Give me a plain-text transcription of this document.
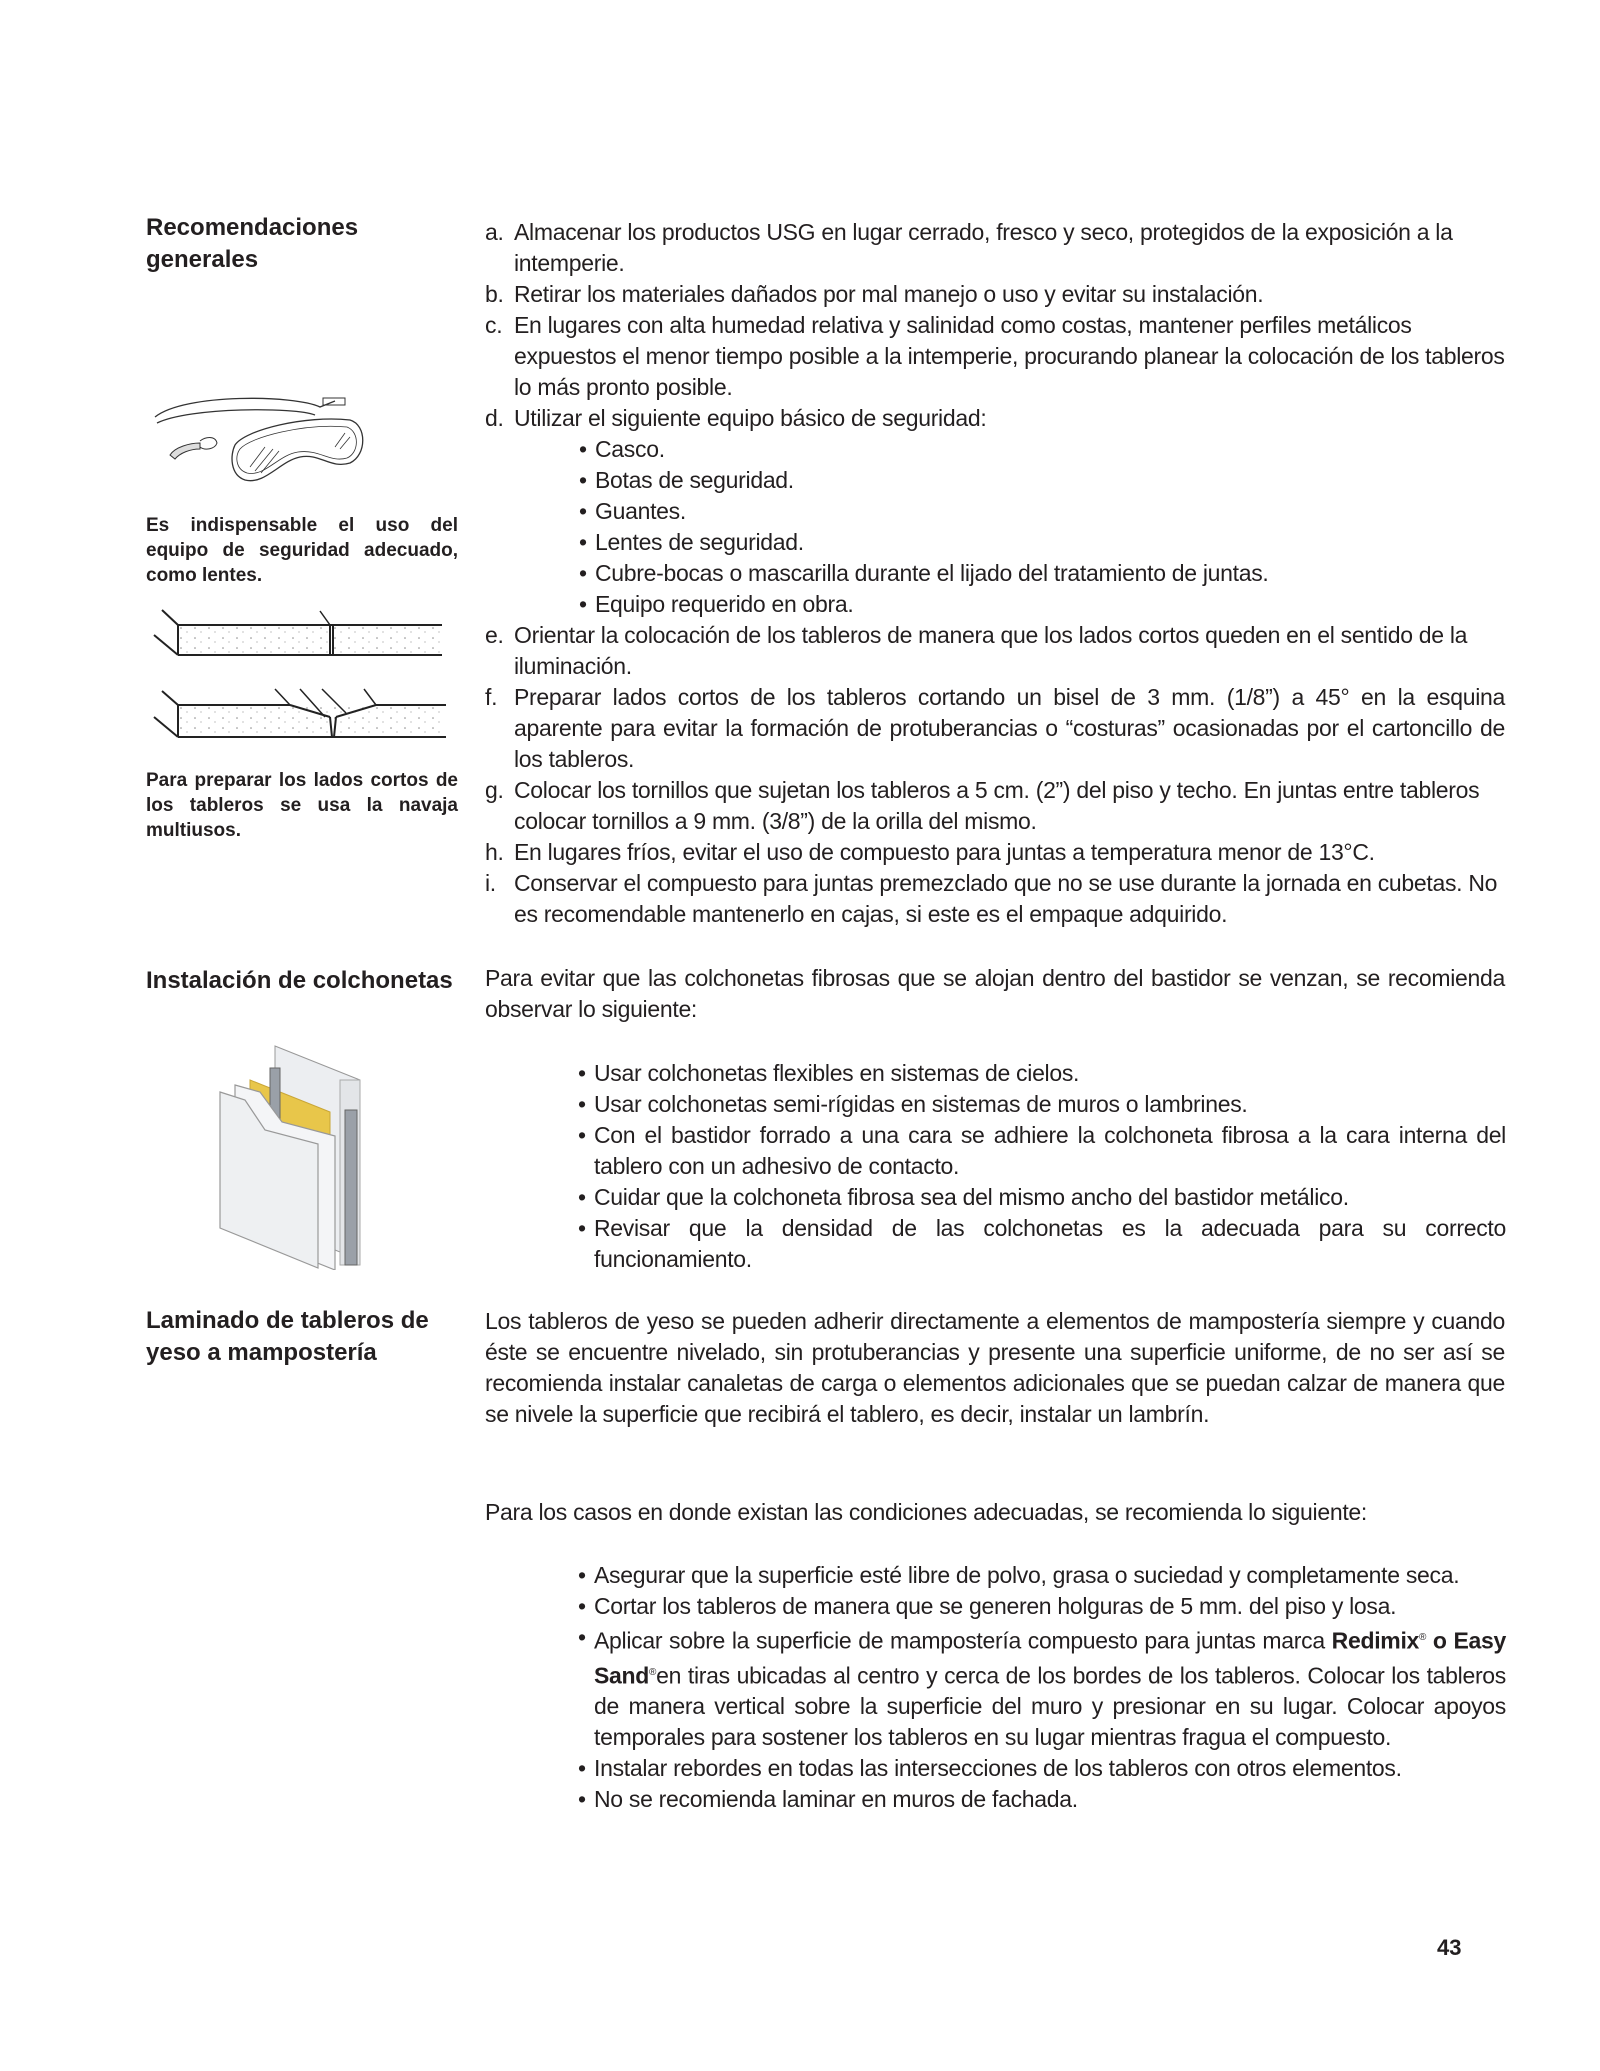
Recomendaciones generales
Es indispensable el uso del equipo de seguridad adecuado, como lentes.
Para preparar los lados cortos de los tableros se usa la navaja multiusos.
a. Almacenar los productos USG en lugar cerrado, fresco y seco, protegidos de la exposición a la intemperie.
b. Retirar los materiales dañados por mal manejo o uso y evitar su instalación.
c. En lugares con alta humedad relativa y salinidad como costas, mantener perfiles metálicos expuestos el menor tiempo posible a la intemperie, procurando planear la colocación de los tableros lo más pronto posible.
d. Utilizar el siguiente equipo básico de seguridad:
• Casco.
• Botas de seguridad.
• Guantes.
• Lentes de seguridad.
• Cubre-bocas o mascarilla durante el lijado del tratamiento de juntas.
• Equipo requerido en obra.
e. Orientar la colocación de los tableros de manera que los lados cortos queden en el sentido de la iluminación.
f. Preparar lados cortos de los tableros cortando un bisel de 3 mm. (1/8”) a 45° en la esquina aparente para evitar la formación de protuberancias o “costuras” ocasionadas por el cartoncillo de los tableros.
g. Colocar los tornillos que sujetan los tableros a 5 cm. (2”) del piso y techo. En juntas entre tableros colocar tornillos a 9 mm. (3/8”) de la orilla del mismo.
h. En lugares fríos, evitar el uso de compuesto para juntas a temperatura menor de 13°C.
i. Conservar el compuesto para juntas premezclado que no se use durante la jornada en cubetas. No es recomendable mantenerlo en cajas, si este es el empaque adquirido.
Instalación de colchonetas	Para evitar que las colchonetas fibrosas que se alojan dentro del bastidor se venzan, se recomienda observar lo siguiente:
• Usar colchonetas flexibles en sistemas de cielos.
• Usar colchonetas semi-rígidas en sistemas de muros o lambrines.
• Con el bastidor forrado a una cara se adhiere la colchoneta fibrosa a la cara interna del tablero con un adhesivo de contacto.
• Cuidar que la colchoneta fibrosa sea del mismo ancho del bastidor metálico.
• Revisar que la densidad de las colchonetas es la adecuada para su correcto funcionamiento.
Laminado de tableros de yeso a mampostería
Los tableros de yeso se pueden adherir directamente a elementos de mampostería siempre y cuando éste se encuentre nivelado, sin protuberancias y presente una superficie uniforme, de no ser así se recomienda instalar canaletas de carga o elementos adicionales que se puedan calzar de manera que se nivele la superficie que recibirá el tablero, es decir, instalar un lambrín.
Para los casos en donde existan las condiciones adecuadas, se recomienda lo siguiente:
• Asegurar que la superficie esté libre de polvo, grasa o suciedad y completamente seca.
• Cortar los tableros de manera que se generen holguras de 5 mm. del piso y losa.
• Aplicar sobre la superficie de mampostería compuesto para juntas marca Redimix® o Easy Sand®en tiras ubicadas al centro y cerca de los bordes de los tableros. Colocar los tableros de manera vertical sobre la superficie del muro y presionar en su lugar. Colocar apoyos temporales para sostener los tableros en su lugar mientras fragua el compuesto.
• Instalar rebordes en todas las intersecciones de los tableros con otros elementos.
• No se recomienda laminar en muros de fachada.
43
